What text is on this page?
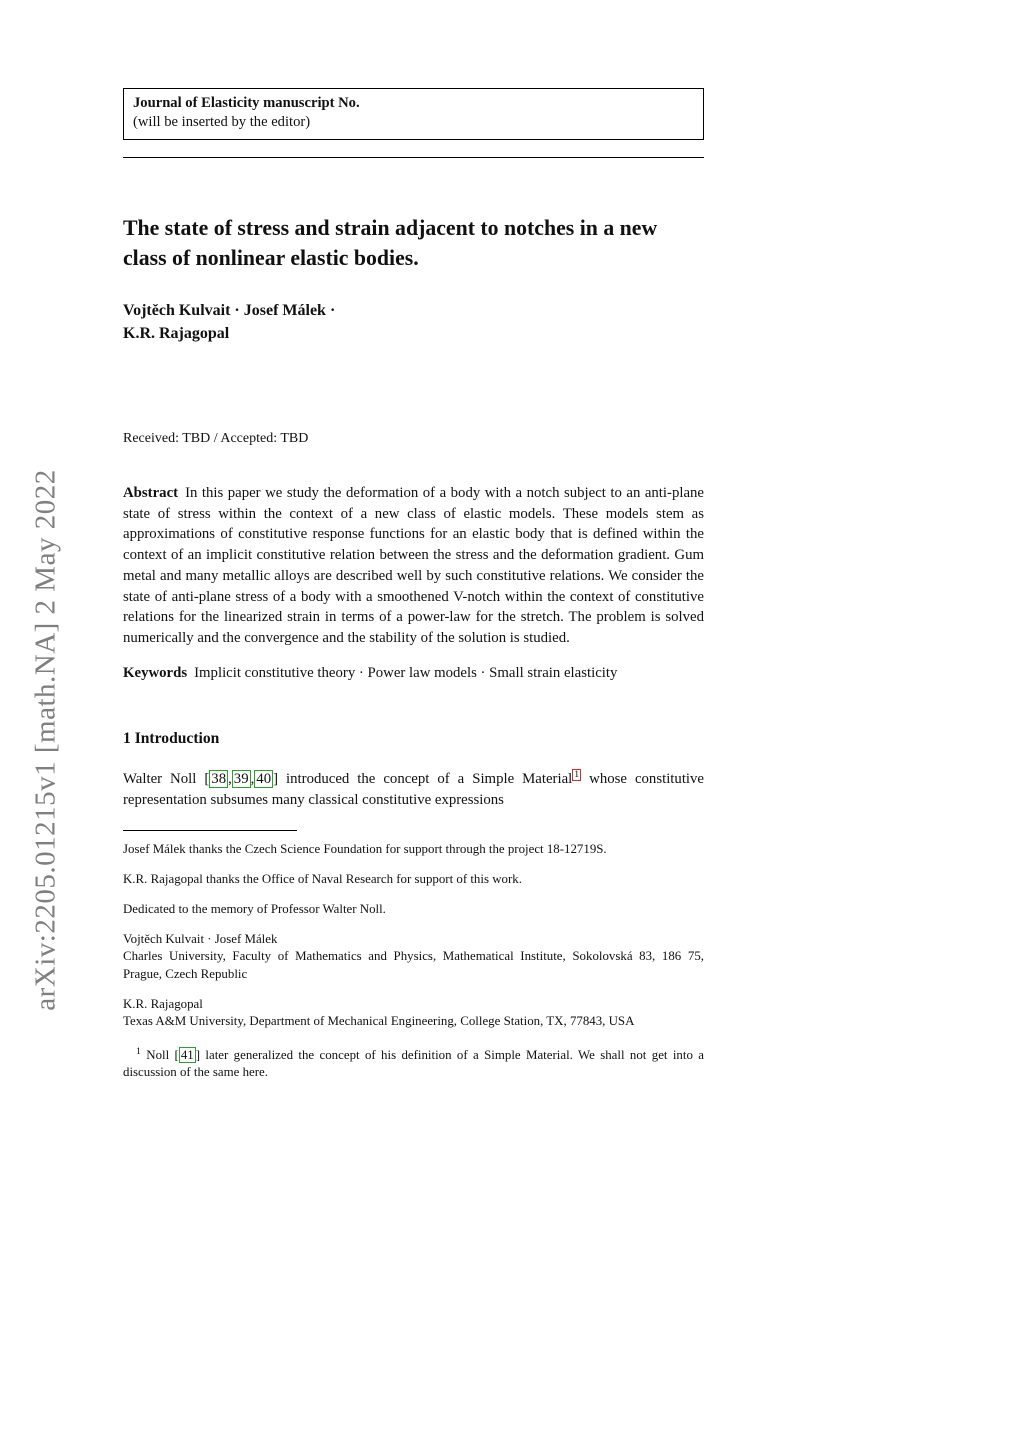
arXiv:2205.01215v1 [math.NA] 2 May 2022
Journal of Elasticity manuscript No.
(will be inserted by the editor)
The state of stress and strain adjacent to notches in a new class of nonlinear elastic bodies.
Vojtěch Kulvait · Josef Málek ·
K.R. Rajagopal
Received: TBD / Accepted: TBD

Abstract In this paper we study the deformation of a body with a notch subject to an anti-plane state of stress within the context of a new class of elastic models. These models stem as approximations of constitutive response functions for an elastic body that is defined within the context of an implicit constitutive relation between the stress and the deformation gradient. Gum metal and many metallic alloys are described well by such constitutive relations. We consider the state of anti-plane stress of a body with a smoothened V-notch within the context of constitutive relations for the linearized strain in terms of a power-law for the stretch. The problem is solved numerically and the convergence and the stability of the solution is studied.

Keywords Implicit constitutive theory · Power law models · Small strain elasticity

1 Introduction

Walter Noll [ 38 , 39 , 40 ] introduced the concept of a Simple Material 1 whose constitutive representation subsumes many classical constitutive expressions

Josef Málek thanks the Czech Science Foundation for support through the project 18-12719S.

K.R. Rajagopal thanks the Office of Naval Research for support of this work.

Dedicated to the memory of Professor Walter Noll.

Vojtěch Kulvait · Josef Málek
Charles University, Faculty of Mathematics and Physics, Mathematical Institute, Sokolovská 83, 186 75, Prague, Czech Republic

K.R. Rajagopal
Texas A&M University, Department of Mechanical Engineering, College Station, TX, 77843, USA

$^1$ Noll [ 41 ] later generalized the concept of his definition of a Simple Material. We shall not get into a discussion of the same here.
